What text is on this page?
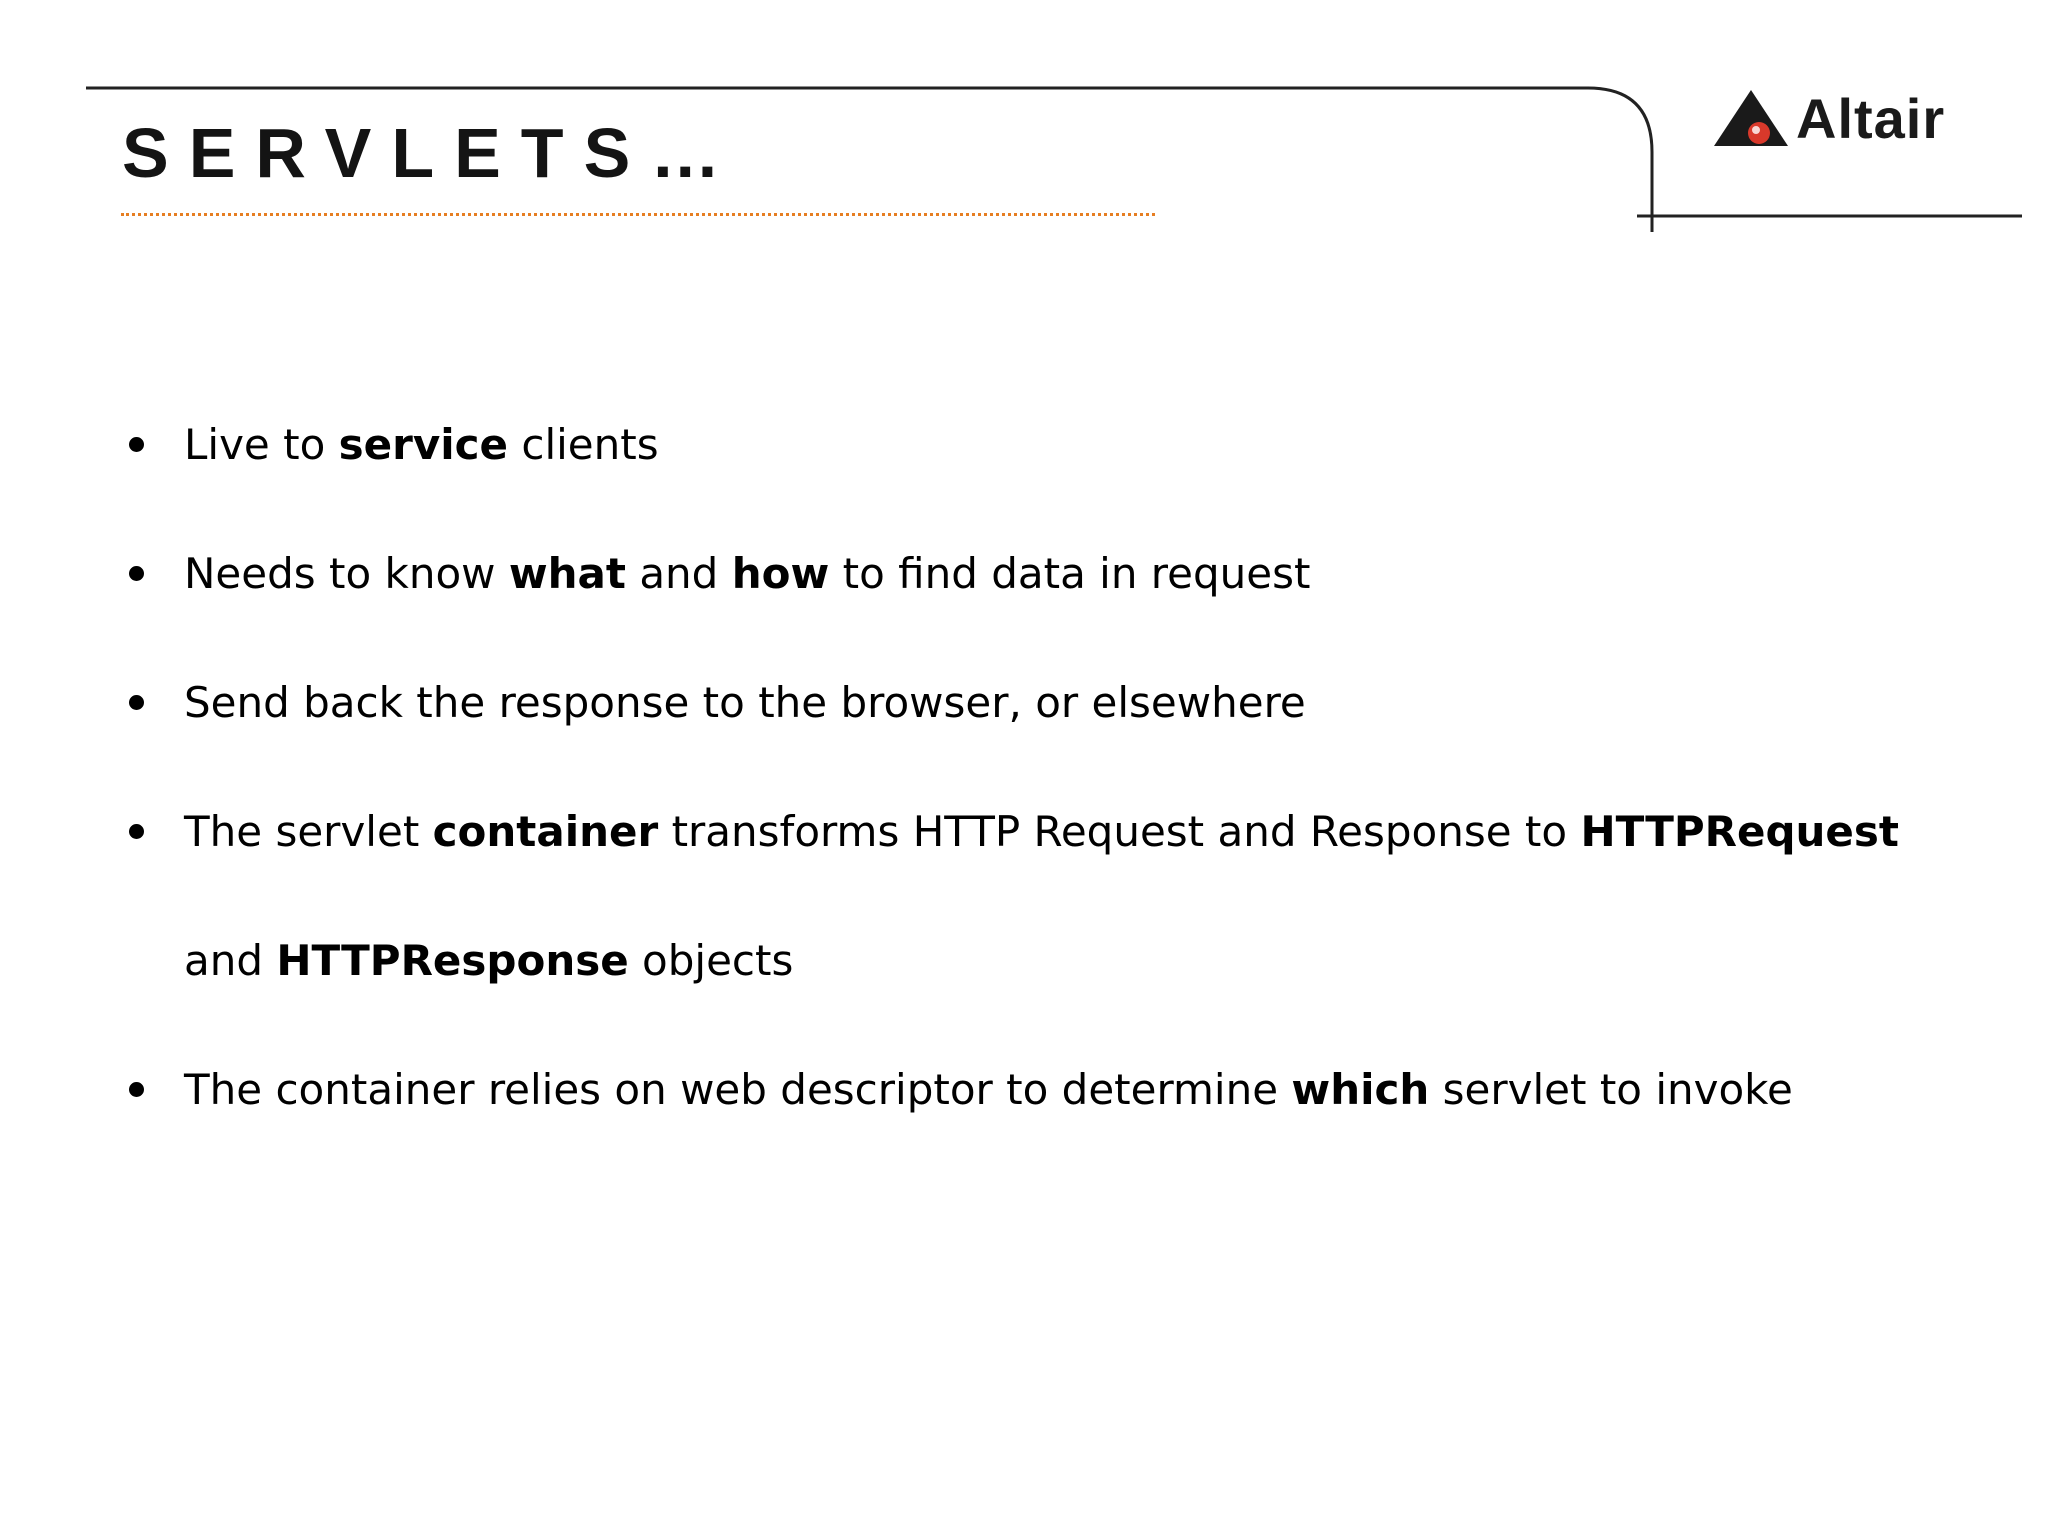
SERVLETS…	Altair
Live to service clients
Needs to know what and how to find data in request
Send back the response to the browser, or elsewhere
The servlet container transforms HTTP Request and Response to HTTPRequest and HTTPResponse objects
The container relies on web descriptor to determine which servlet to invoke
